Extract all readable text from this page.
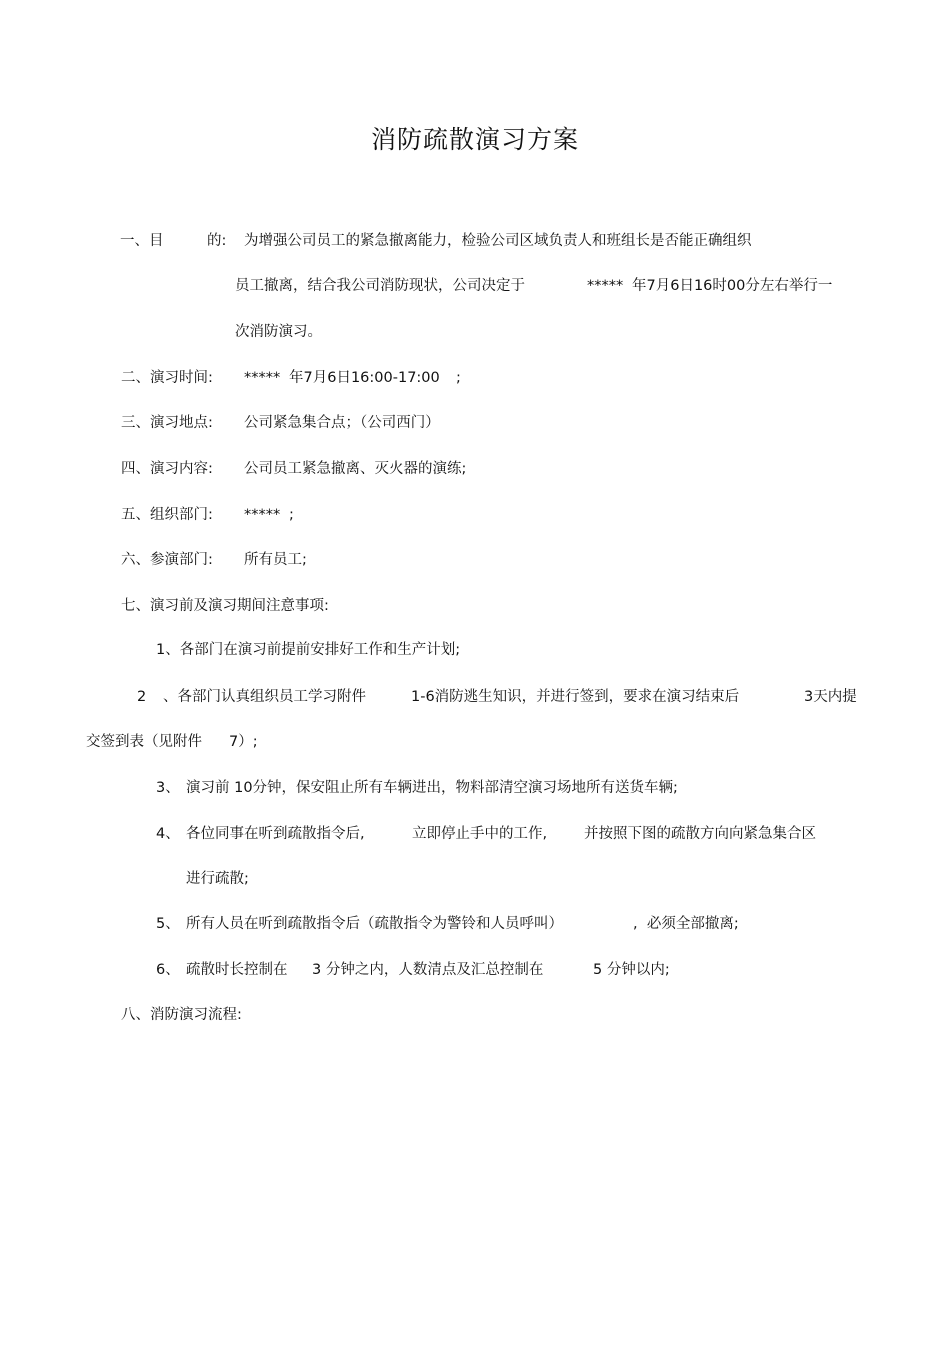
消防疏散演习方案
一、目	的: 为增强公司员工的紧急撤离能力，检验公司区域负责人和班组长是否能正确组织
员工撤离，结合我公司消防现状，公司决定于	***** 年7月6日16时00分左右举行一
次消防演习。
二、演习时间: ***** 年7月6日16:00-17:00 ;
三、演习地点: 公司紧急集合点；（公司西门）
四、演习内容: 公司员工紧急撤离、灭火器的演练;
五、组织部门: ***** ;
六、参演部门: 所有员工;
七、演习前及演习期间注意事项:
1、各部门在演习前提前安排好工作和生产计划;
2 、各部门认真组织员工学习附件	1-6消防逃生知识，并进行签到，要求在演习结束后	3天内提
交签到表（见附件 7）;
3、 演习前 10分钟，保安阻止所有车辆进出，物料部清空演习场地所有送货车辆;
4、 各位同事在听到疏散指令后,	立即停止手中的工作,	并按照下图的疏散方向向紧急集合区
进行疏散;
5、 所有人员在听到疏散指令后（疏散指令为警铃和人员呼叫）	,  必须全部撤离;
6、 疏散时长控制在 3 分钟之内，人数清点及汇总控制在	5 分钟以内;
八、消防演习流程:
